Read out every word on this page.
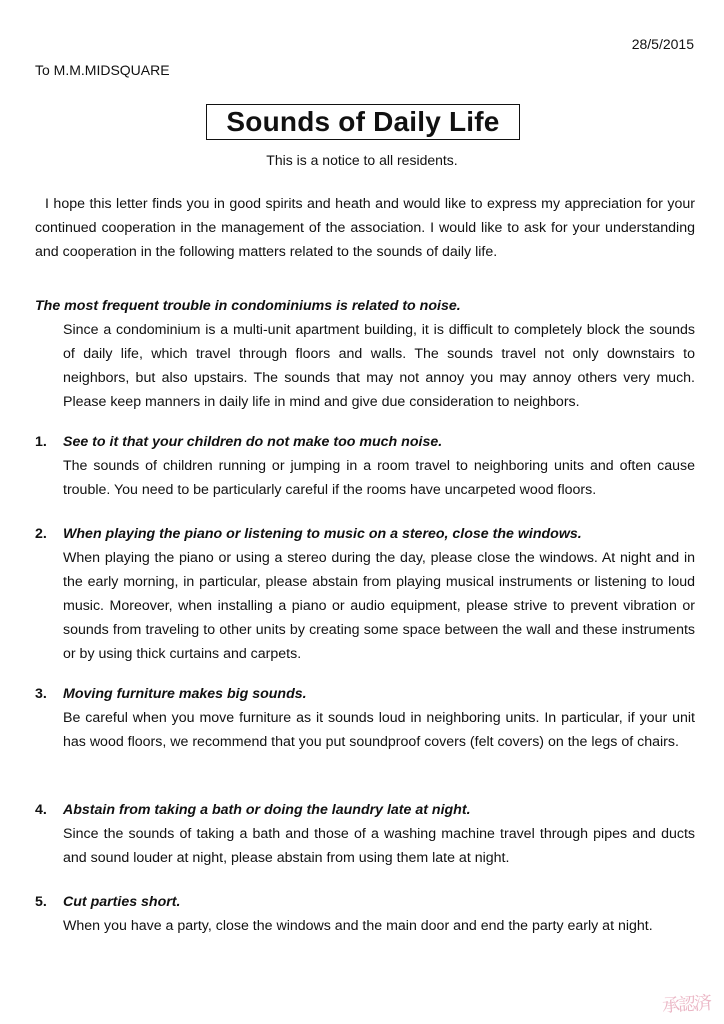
28/5/2015
To M.M.MIDSQUARE
Sounds of Daily Life
This is a notice to all residents.
I hope this letter finds you in good spirits and heath and would like to express my appreciation for your continued cooperation in the management of the association. I would like to ask for your understanding and cooperation in the following matters related to the sounds of daily life.
The most frequent trouble in condominiums is related to noise.
Since a condominium is a multi-unit apartment building, it is difficult to completely block the sounds of daily life, which travel through floors and walls. The sounds travel not only downstairs to neighbors, but also upstairs. The sounds that may not annoy you may annoy others very much. Please keep manners in daily life in mind and give due consideration to neighbors.
1.	See to it that your children do not make too much noise.
The sounds of children running or jumping in a room travel to neighboring units and often cause trouble. You need to be particularly careful if the rooms have uncarpeted wood floors.
2.	When playing the piano or listening to music on a stereo, close the windows.
When playing the piano or using a stereo during the day, please close the windows. At night and in the early morning, in particular, please abstain from playing musical instruments or listening to loud music. Moreover, when installing a piano or audio equipment, please strive to prevent vibration or sounds from traveling to other units by creating some space between the wall and these instruments or by using thick curtains and carpets.
3.	Moving furniture makes big sounds.
Be careful when you move furniture as it sounds loud in neighboring units. In particular, if your unit has wood floors, we recommend that you put soundproof covers (felt covers) on the legs of chairs.
4.	Abstain from taking a bath or doing the laundry late at night.
Since the sounds of taking a bath and those of a washing machine travel through pipes and ducts and sound louder at night, please abstain from using them late at night.
5.	Cut parties short.
When you have a party, close the windows and the main door and end the party early at night.
承認済
